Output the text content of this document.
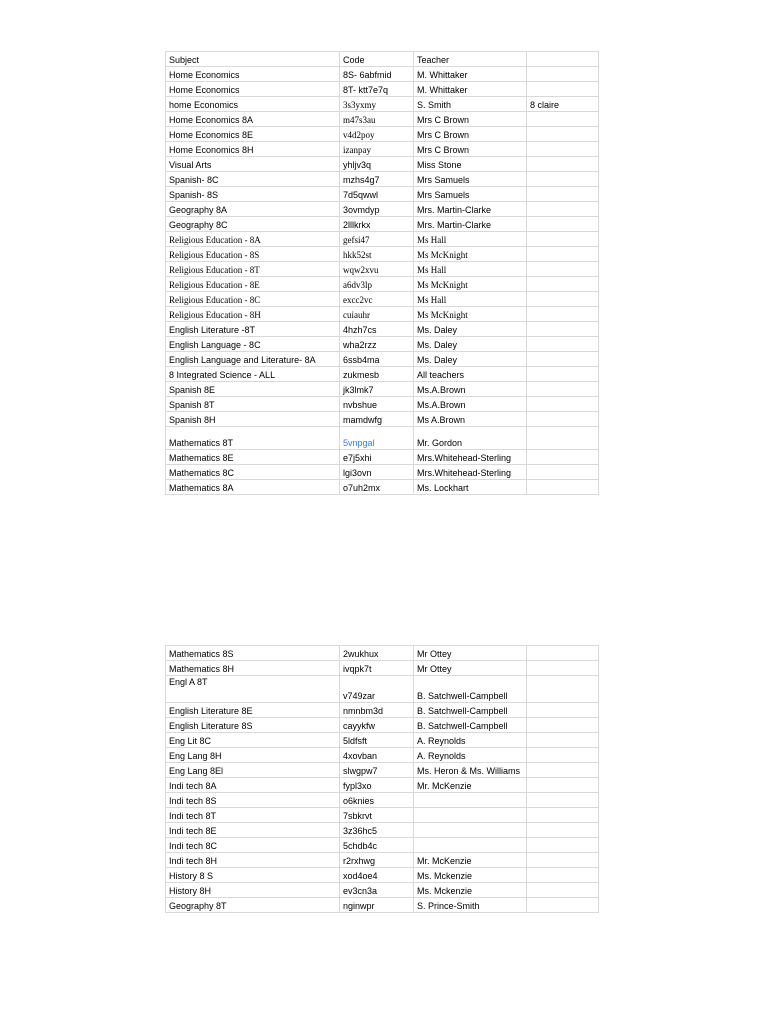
Subject	Code	Teacher	
Home Economics	8S- 6abfmid	M. Whittaker	
Home Economics	8T- ktt7e7q	M. Whittaker	
home Economics	3s3yxmy	S. Smith	8 claire
Home Economics 8A	m47s3au	Mrs C Brown	
Home Economics 8E	v4d2poy	Mrs C Brown	
Home Economics 8H	izanpay	Mrs C Brown	
Visual Arts	yhljv3q	Miss Stone	
Spanish- 8C	mzhs4g7	Mrs Samuels	
Spanish- 8S	7d5qwwl	Mrs Samuels	
Geography 8A	3ovmdyp	Mrs. Martin-Clarke	
Geography 8C	2lllkrkx	Mrs. Martin-Clarke	
Religious Education - 8A	gefsi47	Ms Hall	
Religious Education - 8S	hkk52st	Ms McKnight	
Religious Education - 8T	wqw2xvu	Ms Hall	
Religious Education - 8E	a6dv3lp	Ms McKnight	
Religious Education - 8C	excc2vc	Ms Hall	
Religious Education - 8H	cuiauhr	Ms McKnight	
English Literature -8T	4hzh7cs	Ms. Daley	
English Language - 8C	wha2rzz	Ms. Daley	
English Language and Literature- 8A	6ssb4ma	Ms. Daley	
8 Integrated Science - ALL	zukmesb	All teachers	
Spanish 8E	jk3lmk7	Ms.A.Brown	
Spanish 8T	nvbshue	Ms.A.Brown	
Spanish 8H	mamdwfg	Ms A.Brown	
Mathematics 8T	5vnpgal	Mr. Gordon	
Mathematics 8E	e7j5xhi	Mrs.Whitehead-Sterling	
Mathematics 8C	lgi3ovn	Mrs.Whitehead-Sterling	
Mathematics 8A	o7uh2mx	Ms. Lockhart	
Mathematics 8S	2wukhux	Mr Ottey	
Mathematics 8H	ivqpk7t	Mr Ottey	
Engl A 8T	v749zar	B. Satchwell-Campbell	
English Literature 8E	nmnbm3d	B. Satchwell-Campbell	
English Literature 8S	cayykfw	B. Satchwell-Campbell	
Eng Lit 8C	5ldfsft	A. Reynolds	
Eng Lang 8H	4xovban	A. Reynolds	
Eng Lang 8El	slwgpw7	Ms. Heron & Ms. Williams	
Indi tech 8A	fypl3xo	Mr. McKenzie	
Indi tech 8S	o6knies		
Indi tech 8T	7sbkrvt		
Indi tech 8E	3z36hc5		
Indi tech 8C	5chdb4c		
Indi tech 8H	r2rxhwg	Mr. McKenzie	
History 8 S	xod4oe4	Ms. Mckenzie	
History 8H	ev3cn3a	Ms. Mckenzie	
Geography 8T	nginwpr	S. Prince-Smith	
